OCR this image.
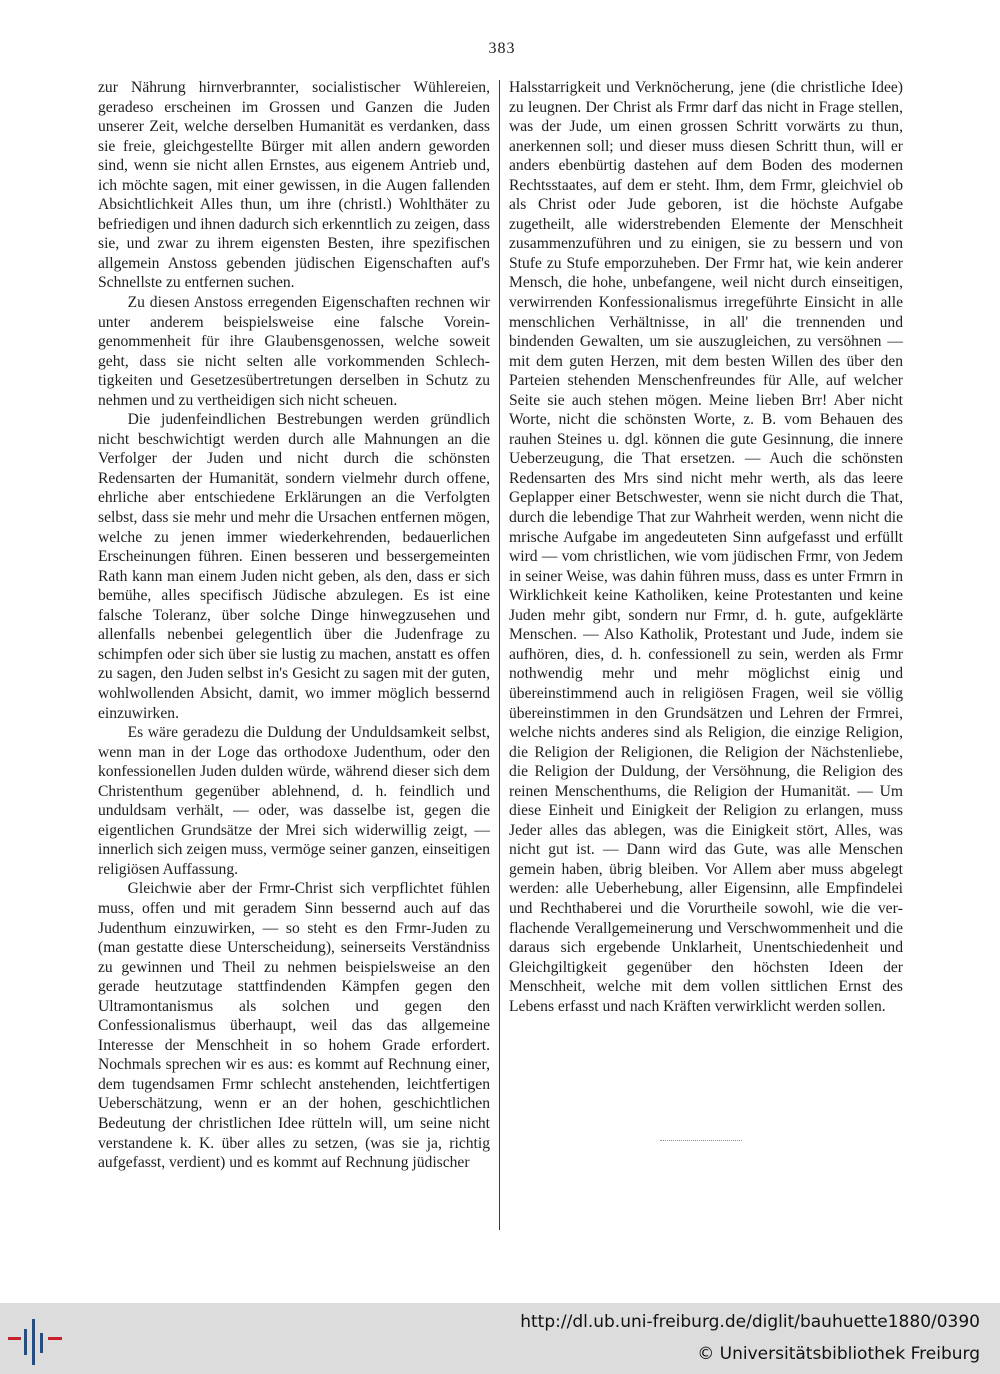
383

zur Nährung hirnverbrannter, socialistischer Wühlereien, geradeso erscheinen im Grossen und Ganzen die Juden unserer Zeit, welche derselben Humanität es verdanken, dass sie freie, gleichgestellte Bürger mit allen andern geworden sind, wenn sie nicht allen Ernstes, aus eigenem Antrieb und, ich möchte sagen, mit einer gewissen, in die Augen fallenden Absichtlichkeit Alles thun, um ihre (christl.) Wohlthäter zu befriedigen und ihnen dadurch sich erkenntlich zu zeigen, dass sie, und zwar zu ihrem eigensten Besten, ihre spezifischen allgemein Anstoss gebenden jüdischen Eigenschaften auf's Schnellste zu entfernen suchen.

Zu diesen Anstoss erregenden Eigenschaften rechnen wir unter anderem beispielsweise eine falsche Voreingenommenheit für ihre Glaubensgenossen, welche soweit geht, dass sie nicht selten alle vorkommenden Schlechtigkeiten und Gesetzesübertretungen derselben in Schutz zu nehmen und zu vertheidigen sich nicht scheuen.

Die judenfeindlichen Bestrebungen werden gründlich nicht beschwichtigt werden durch alle Mahnungen an die Verfolger der Juden und nicht durch die schönsten Redensarten der Humanität, sondern vielmehr durch offene, ehrliche aber entschiedene Erklärungen an die Verfolgten selbst, dass sie mehr und mehr die Ursachen entfernen mögen, welche zu jenen immer wiederkehrenden, bedauerlichen Erscheinungen führen. Einen besseren und bessergemeinten Rath kann man einem Juden nicht geben, als den, dass er sich bemühe, alles specifisch Jüdische abzulegen. Es ist eine falsche Toleranz, über solche Dinge hinwegzusehen und allenfalls nebenbei gelegentlich über die Judenfrage zu schimpfen oder sich über sie lustig zu machen, anstatt es offen zu sagen, den Juden selbst in's Gesicht zu sagen mit der guten, wohlwollenden Absicht, damit, wo immer möglich bessernd einzuwirken.

Es wäre geradezu die Duldung der Unduldsamkeit selbst, wenn man in der Loge das orthodoxe Judenthum, oder den konfessionellen Juden dulden würde, während dieser sich dem Christenthum gegenüber ablehnend, d. h. feindlich und unduldsam verhält, — oder, was dasselbe ist, gegen die eigentlichen Grundsätze der Mrei sich widerwillig zeigt, — innerlich sich zeigen muss, vermöge seiner ganzen, einseitigen religiösen Auffassung.

Gleichwie aber der Frmr-Christ sich verpflichtet fühlen muss, offen und mit geradem Sinn bessernd auch auf das Judenthum einzuwirken, — so steht es den Frmr-Juden zu (man gestatte diese Unterscheidung), seinerseits Verständniss zu gewinnen und Theil zu nehmen beispielsweise an den gerade heutzutage stattfindenden Kämpfen gegen den Ultramontanismus als solchen und gegen den Confessionalismus überhaupt, weil das das allgemeine Interesse der Menschheit in so hohem Grade erfordert. Nochmals sprechen wir es aus: es kommt auf Rechnung einer, dem tugendsamen Frmr schlecht anstehenden, leichtfertigen Ueberschätzung, wenn er an der hohen, geschichtlichen Bedeutung der christlichen Idee rütteln will, um seine nicht verstandene k. K. über alles zu setzen, (was sie ja, richtig aufgefasst, verdient) und es kommt auf Rechnung jüdischer

Halsstarrigkeit und Verknöcherung, jene (die christliche Idee) zu leugnen. Der Christ als Frmr darf das nicht in Frage stellen, was der Jude, um einen grossen Schritt vorwärts zu thun, anerkennen soll; und dieser muss diesen Schritt thun, will er anders ebenbürtig dastehen auf dem Boden des modernen Rechtsstaates, auf dem er steht. Ihm, dem Frmr, gleichviel ob als Christ oder Jude geboren, ist die höchste Aufgabe zugetheilt, alle widerstrebenden Elemente der Menschheit zusammenzuführen und zu einigen, sie zu bessern und von Stufe zu Stufe emporzuheben. Der Frmr hat, wie kein anderer Mensch, die hohe, unbefangene, weil nicht durch einseitigen, verwirrenden Konfessionalismus irregeführte Einsicht in alle menschlichen Verhältnisse, in all' die trennenden und bindenden Gewalten, um sie auszugleichen, zu versöhnen — mit dem guten Herzen, mit dem besten Willen des über den Parteien stehenden Menschenfreundes für Alle, auf welcher Seite sie auch stehen mögen. Meine lieben Brr! Aber nicht Worte, nicht die schönsten Worte, z. B. vom Behauen des rauhen Steines u. dgl. können die gute Gesinnung, die innere Ueberzeugung, die That ersetzen. — Auch die schönsten Redensarten des Mrs sind nicht mehr werth, als das leere Geplapper einer Betschwester, wenn sie nicht durch die That, durch die lebendige That zur Wahrheit werden, wenn nicht die mrische Aufgabe im angedeuteten Sinn aufgefasst und erfüllt wird — vom christlichen, wie vom jüdischen Frmr, von Jedem in seiner Weise, was dahin führen muss, dass es unter Frmrn in Wirklichkeit keine Katholiken, keine Protestanten und keine Juden mehr gibt, sondern nur Frmr, d. h. gute, aufgeklärte Menschen. — Also Katholik, Protestant und Jude, indem sie aufhören, dies, d. h. confessionell zu sein, werden als Frmr nothwendig mehr und mehr möglichst einig und übereinstimmend auch in religiösen Fragen, weil sie völlig übereinstimmen in den Grundsätzen und Lehren der Frmrei, welche nichts anderes sind als Religion, die einzige Religion, die Religion der Religionen, die Religion der Nächstenliebe, die Religion der Duldung, der Versöhnung, die Religion des reinen Menschenthums, die Religion der Humanität. — Um diese Einheit und Einigkeit der Religion zu erlangen, muss Jeder alles das ablegen, was die Einigkeit stört, Alles, was nicht gut ist. — Dann wird das Gute, was alle Menschen gemein haben, übrig bleiben. Vor Allem aber muss abgelegt werden: alle Ueberhebung, aller Eigensinn, alle Empfindelei und Rechthaberei und die Vorurtheile sowohl, wie die verflachende Verallgemeinerung und Verschwommenheit und die daraus sich ergebende Unklarheit, Unentschiedenheit und Gleichgiltigkeit gegenüber den höchsten Ideen der Menschheit, welche mit dem vollen sittlichen Ernst des Lebens erfasst und nach Kräften verwirklicht werden sollen.

http://dl.ub.uni-freiburg.de/diglit/bauhuette1880/0390
© Universitätsbibliothek Freiburg
